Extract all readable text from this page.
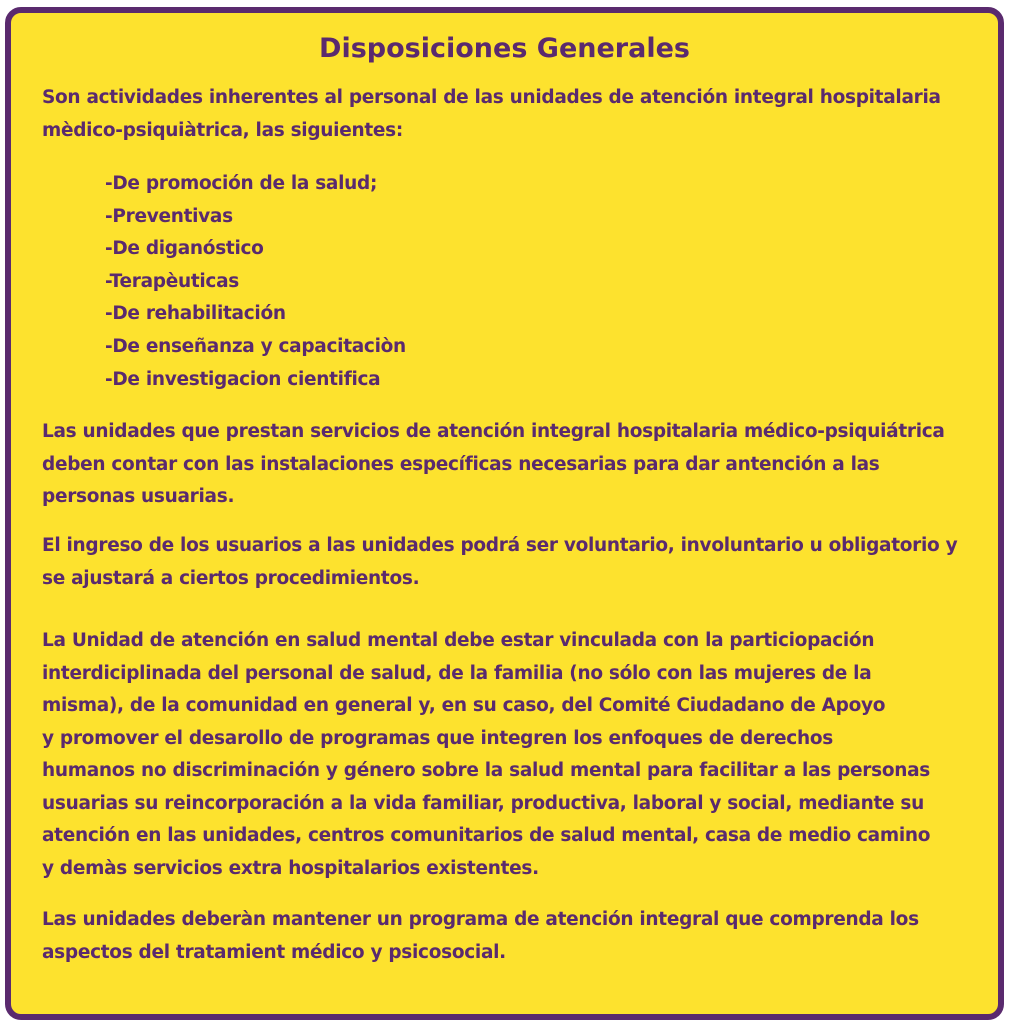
Disposiciones Generales

Son actividades inherentes al personal de las unidades de atención integral hospitalaria
mèdico-psiquiàtrica, las siguientes:

-De promoción de la salud;
-Preventivas
-De diganóstico
-Terapèuticas
-De rehabilitación
-De enseñanza y capacitaciòn
-De investigacion cientifica

Las unidades que prestan servicios de atención integral hospitalaria médico-psiquiátrica
deben contar con las instalaciones específicas necesarias para dar antención a las
personas usuarias.

El ingreso de los usuarios a las unidades podrá ser voluntario, involuntario u obligatorio y
se ajustará a ciertos procedimientos.

La Unidad de atención en salud mental debe estar vinculada con la particiopación
interdiciplinada del personal de salud, de la familia (no sólo con las mujeres de la
misma), de la comunidad en general y, en su caso, del Comité Ciudadano de Apoyo
y promover el desarollo de programas que integren los enfoques de derechos
humanos no discriminación y género sobre la salud mental para facilitar a las personas
usuarias su reincorporación a la vida familiar, productiva, laboral y social, mediante su
atención en las unidades, centros comunitarios de salud mental, casa de medio camino
y demàs servicios extra hospitalarios existentes.

Las unidades deberàn mantener un programa de atención integral que comprenda los
aspectos del tratamient médico y psicosocial.
